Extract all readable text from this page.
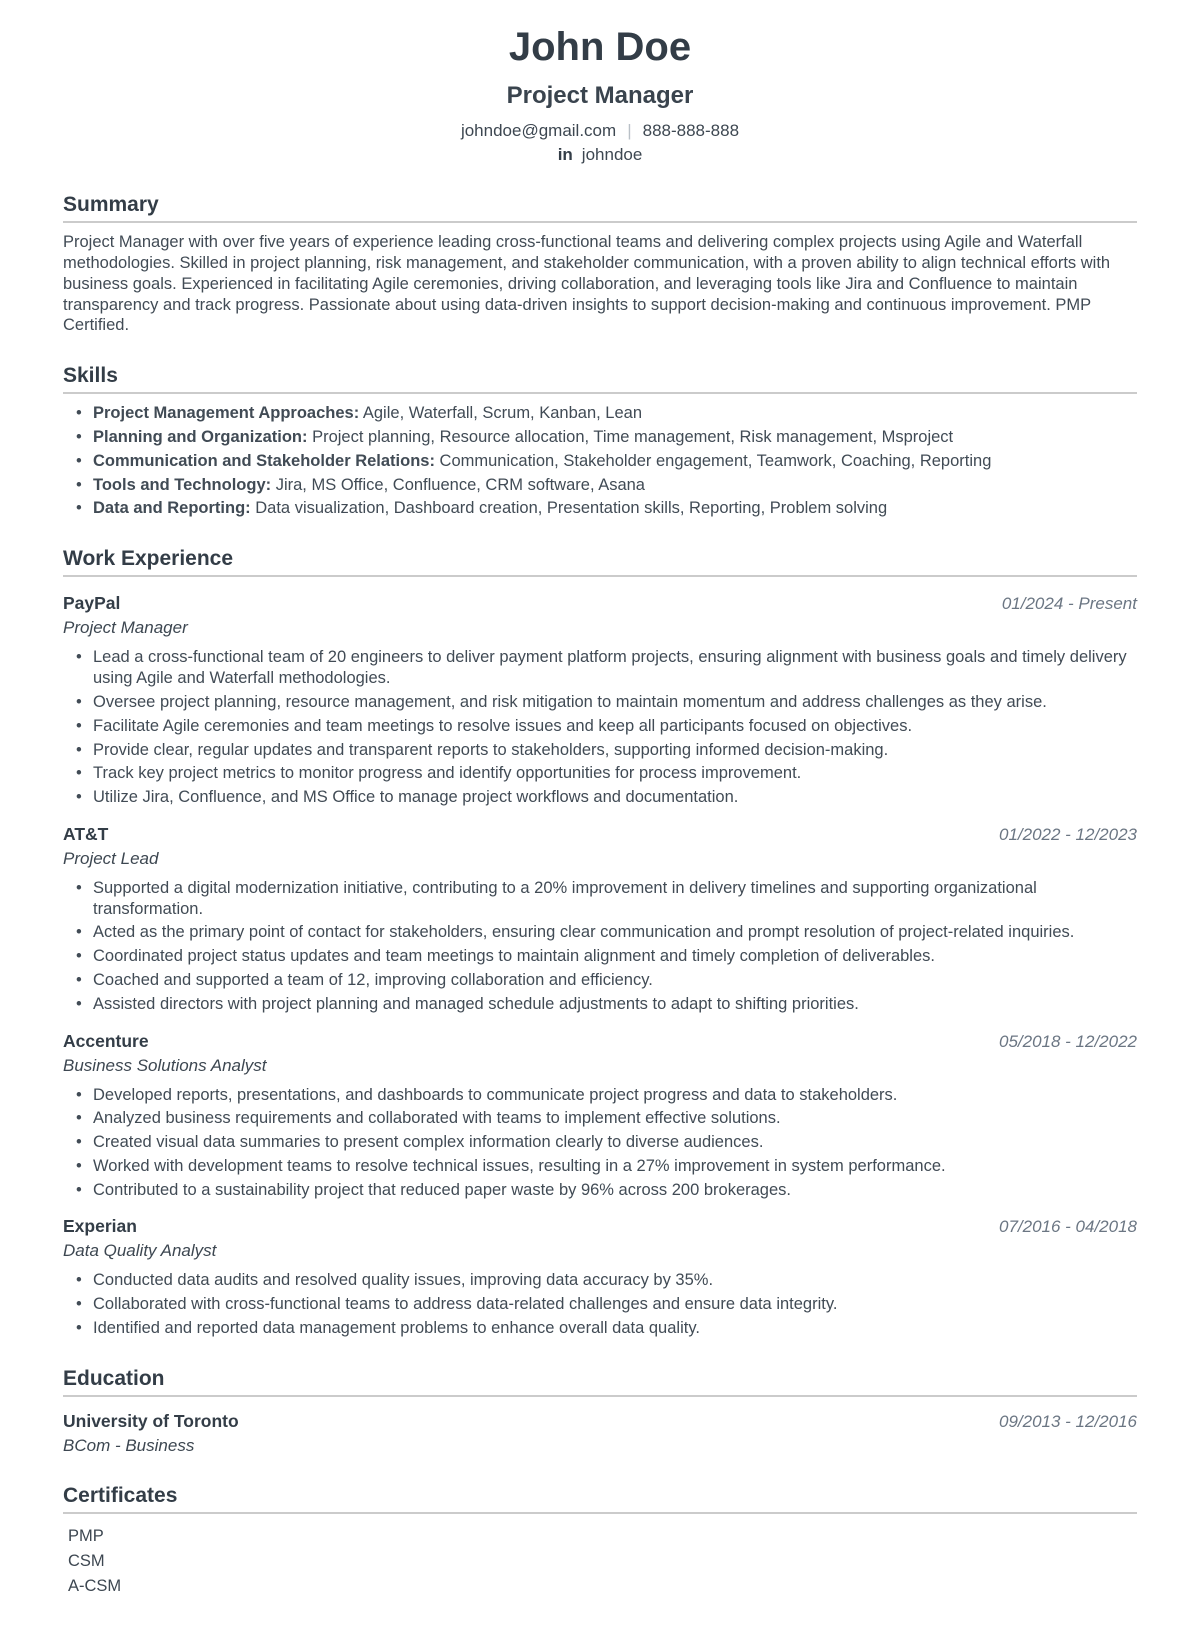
John Doe
Project Manager
johndoe@gmail.com | 888-888-888
in johndoe
Summary

Project Manager with over five years of experience leading cross-functional teams and delivering complex projects using Agile and Waterfall methodologies. Skilled in project planning, risk management, and stakeholder communication, with a proven ability to align technical efforts with business goals. Experienced in facilitating Agile ceremonies, driving collaboration, and leveraging tools like Jira and Confluence to maintain transparency and track progress. Passionate about using data-driven insights to support decision-making and continuous improvement. PMP Certified.

Skills
• Project Management Approaches: Agile, Waterfall, Scrum, Kanban, Lean
• Planning and Organization: Project planning, Resource allocation, Time management, Risk management, Msproject
• Communication and Stakeholder Relations: Communication, Stakeholder engagement, Teamwork, Coaching, Reporting
• Tools and Technology: Jira, MS Office, Confluence, CRM software, Asana
• Data and Reporting: Data visualization, Dashboard creation, Presentation skills, Reporting, Problem solving
Work Experience
PayPal	01/2024 - Present
Project Manager
• Lead a cross-functional team of 20 engineers to deliver payment platform projects, ensuring alignment with business goals and timely delivery using Agile and Waterfall methodologies.
• Oversee project planning, resource management, and risk mitigation to maintain momentum and address challenges as they arise.
• Facilitate Agile ceremonies and team meetings to resolve issues and keep all participants focused on objectives.
• Provide clear, regular updates and transparent reports to stakeholders, supporting informed decision-making.
• Track key project metrics to monitor progress and identify opportunities for process improvement.
• Utilize Jira, Confluence, and MS Office to manage project workflows and documentation.
AT&T	01/2022 - 12/2023
Project Lead
• Supported a digital modernization initiative, contributing to a 20% improvement in delivery timelines and supporting organizational transformation.
• Acted as the primary point of contact for stakeholders, ensuring clear communication and prompt resolution of project-related inquiries.
• Coordinated project status updates and team meetings to maintain alignment and timely completion of deliverables.
• Coached and supported a team of 12, improving collaboration and efficiency.
• Assisted directors with project planning and managed schedule adjustments to adapt to shifting priorities.
Accenture	05/2018 - 12/2022
Business Solutions Analyst
• Developed reports, presentations, and dashboards to communicate project progress and data to stakeholders.
• Analyzed business requirements and collaborated with teams to implement effective solutions.
• Created visual data summaries to present complex information clearly to diverse audiences.
• Worked with development teams to resolve technical issues, resulting in a 27% improvement in system performance.
• Contributed to a sustainability project that reduced paper waste by 96% across 200 brokerages.
Experian	07/2016 - 04/2018
Data Quality Analyst
• Conducted data audits and resolved quality issues, improving data accuracy by 35%.
• Collaborated with cross-functional teams to address data-related challenges and ensure data integrity.
• Identified and reported data management problems to enhance overall data quality.
Education
University of Toronto	09/2013 - 12/2016
BCom - Business
Certificates
PMP
CSM
A-CSM
